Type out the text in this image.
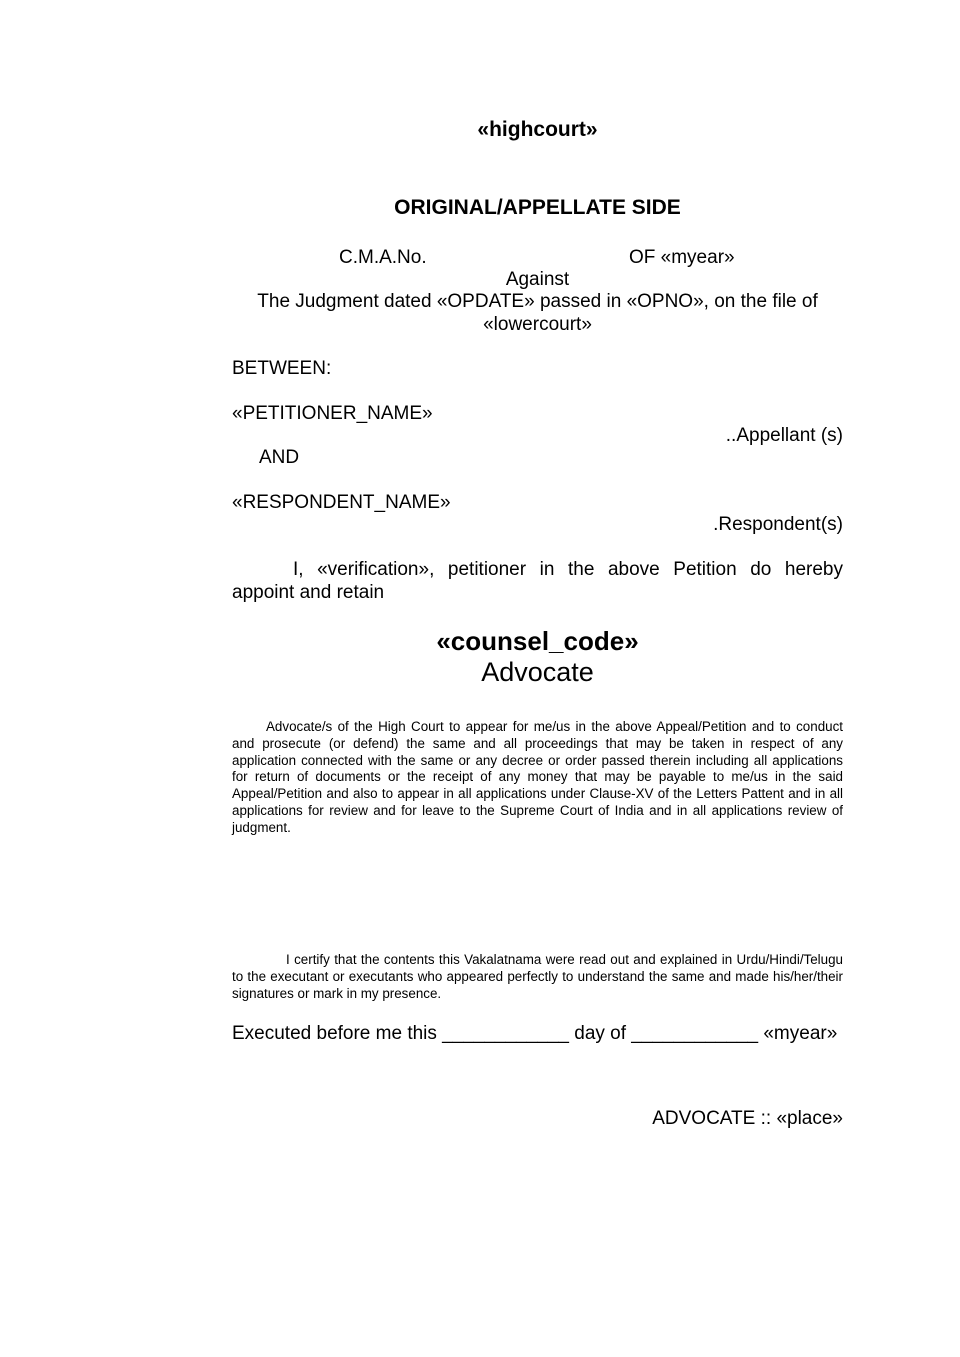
«highcourt»
ORIGINAL/APPELLATE SIDE
C.M.A.No.	OF «myear»
Against
The Judgment dated «OPDATE» passed in «OPNO», on the file of
«lowercourt»
BETWEEN:
«PETITIONER_NAME»
..Appellant (s)
AND
«RESPONDENT_NAME»
.Respondent(s)
I, «verification», petitioner in the above Petition do hereby appoint and retain
«counsel_code»
Advocate
Advocate/s of the High Court to appear for me/us in the above Appeal/Petition and to conduct and prosecute (or defend) the same and all proceedings that may be taken in respect of any application connected with the same or any decree or order passed therein including all applications for return of documents or the receipt of any money that may be payable to me/us in the said Appeal/Petition and also to appear in all applications under Clause-XV of the Letters Pattent and in all applications for review and for leave to the Supreme Court of India and in all applications review of judgment.
I certify that the contents this Vakalatnama were read out and explained in Urdu/Hindi/Telugu to the executant or executants who appeared perfectly to understand the same and made his/her/their signatures or mark in my presence.
Executed before me this ____________ day of ____________ «myear»
ADVOCATE :: «place»
